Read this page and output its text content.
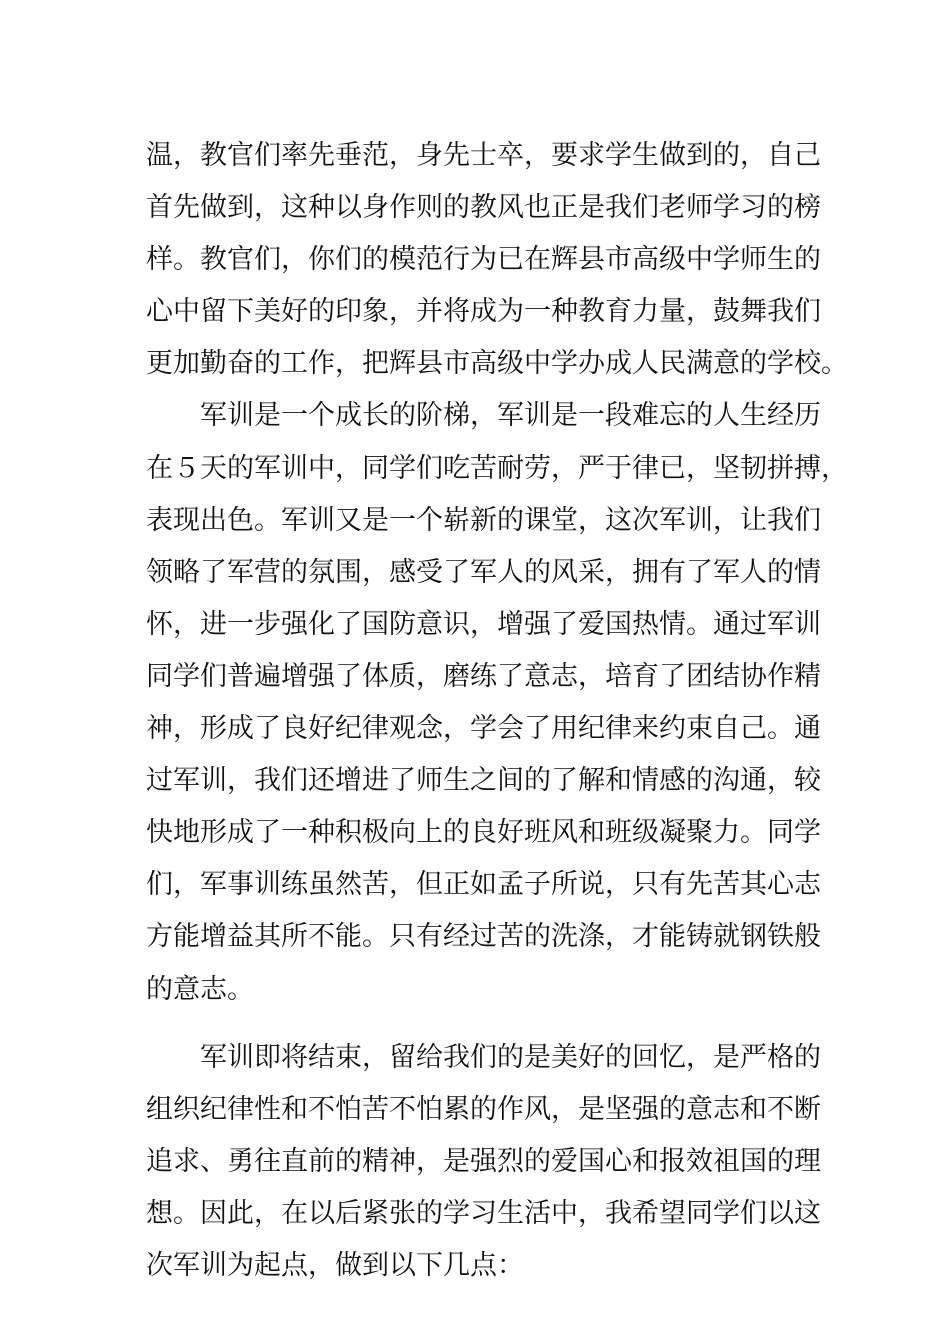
温，教官们率先垂范，身先士卒，要求学生做到的，自己
首先做到，这种以身作则的教风也正是我们老师学习的榜
样。教官们，你们的模范行为已在辉县市高级中学师生的
心中留下美好的印象，并将成为一种教育力量，鼓舞我们
更加勤奋的工作，把辉县市高级中学办成人民满意的学校。
　　军训是一个成长的阶梯，军训是一段难忘的人生经历
在５天的军训中，同学们吃苦耐劳，严于律已，坚韧拼搏，
表现出色。军训又是一个崭新的课堂，这次军训，让我们
领略了军营的氛围，感受了军人的风采，拥有了军人的情
怀，进一步强化了国防意识，增强了爱国热情。通过军训
同学们普遍增强了体质，磨练了意志，培育了团结协作精
神，形成了良好纪律观念，学会了用纪律来约束自己。通
过军训，我们还增进了师生之间的了解和情感的沟通，较
快地形成了一种积极向上的良好班风和班级凝聚力。同学
们，军事训练虽然苦，但正如孟子所说，只有先苦其心志
方能增益其所不能。只有经过苦的洗涤，才能铸就钢铁般
的意志。
　　军训即将结束，留给我们的是美好的回忆，是严格的
组织纪律性和不怕苦不怕累的作风，是坚强的意志和不断
追求、勇往直前的精神，是强烈的爱国心和报效祖国的理
想。因此，在以后紧张的学习生活中，我希望同学们以这
次军训为起点，做到以下几点：
